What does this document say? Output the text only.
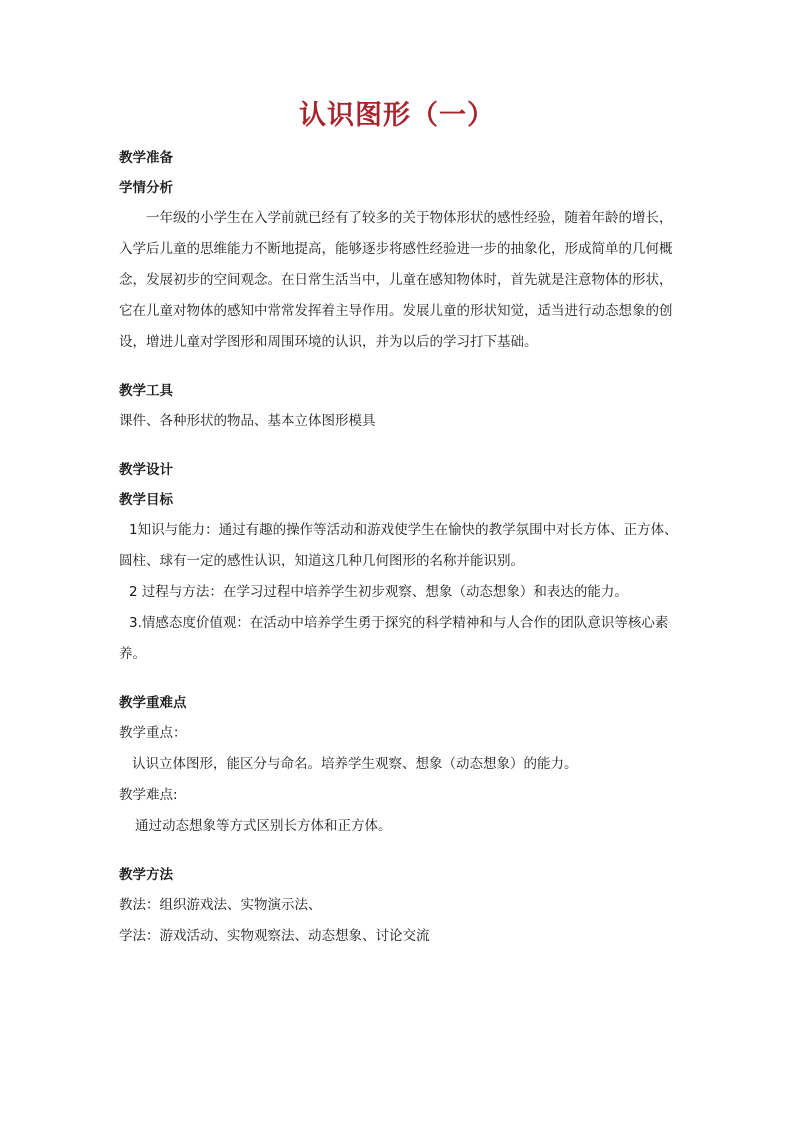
认识图形（一）
教学准备
学情分析
一年级的小学生在入学前就已经有了较多的关于物体形状的感性经验，随着年龄的增长，入学后儿童的思维能力不断地提高，能够逐步将感性经验进一步的抽象化，形成简单的几何概念，发展初步的空间观念。在日常生活当中，儿童在感知物体时，首先就是注意物体的形状，它在儿童对物体的感知中常常发挥着主导作用。发展儿童的形状知觉，适当进行动态想象的创设，增进儿童对学图形和周围环境的认识，并为以后的学习打下基础。
教学工具
课件、各种形状的物品、基本立体图形模具
教学设计
教学目标
1知识与能力：通过有趣的操作等活动和游戏使学生在愉快的教学氛围中对长方体、正方体、圆柱、球有一定的感性认识，知道这几种几何图形的名称并能识别。
2 过程与方法：在学习过程中培养学生初步观察、想象（动态想象）和表达的能力。
3.情感态度价值观：在活动中培养学生勇于探究的科学精神和与人合作的团队意识等核心素养。
教学重难点
教学重点：
认识立体图形，能区分与命名。培养学生观察、想象（动态想象）的能力。
教学难点:
通过动态想象等方式区别长方体和正方体。
教学方法
教法：组织游戏法、实物演示法、
学法：游戏活动、实物观察法、动态想象、讨论交流
